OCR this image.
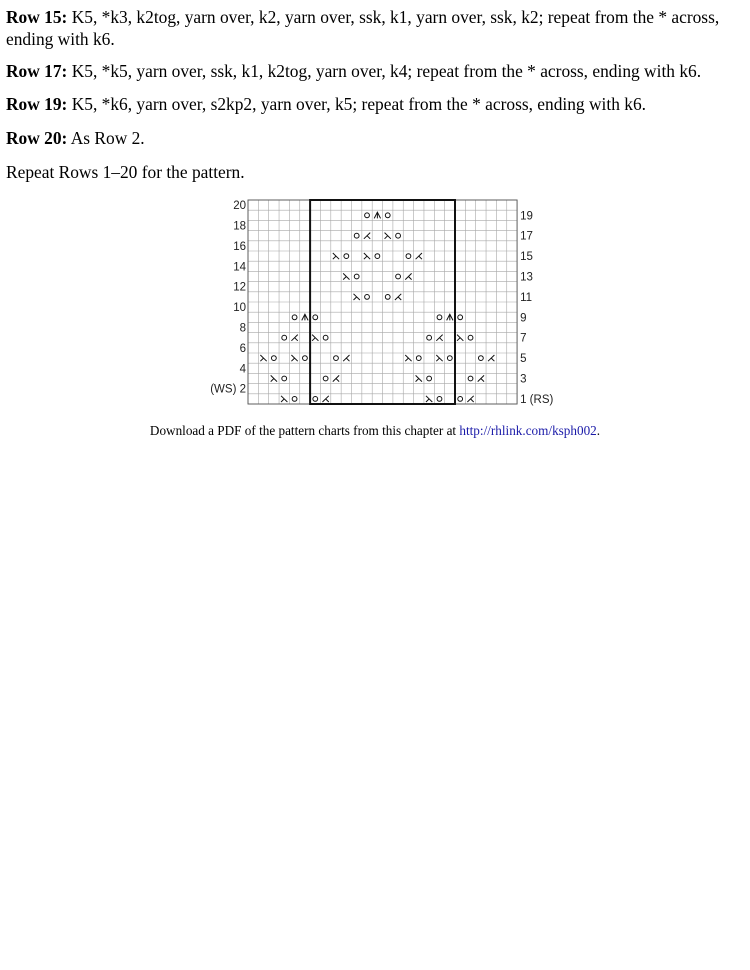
Row 15: K5, *k3, k2tog, yarn over, k2, yarn over, ssk, k1, yarn over, ssk, k2; repeat from the * across, ending with k6.

Row 17: K5, *k5, yarn over, ssk, k1, k2tog, yarn over, k4; repeat from the * across, ending with k6.

Row 19: K5, *k6, yarn over, s2kp2, yarn over, k5; repeat from the * across, ending with k6.

Row 20: As Row 2.

Repeat Rows 1–20 for the pattern.

20
18
16
14
12
10
8
6
4
(WS) 2
19
17
15
13
11
9
7
5
3
1 (RS)
Download a PDF of the pattern charts from this chapter at http://rhlink.com/ksph002.
